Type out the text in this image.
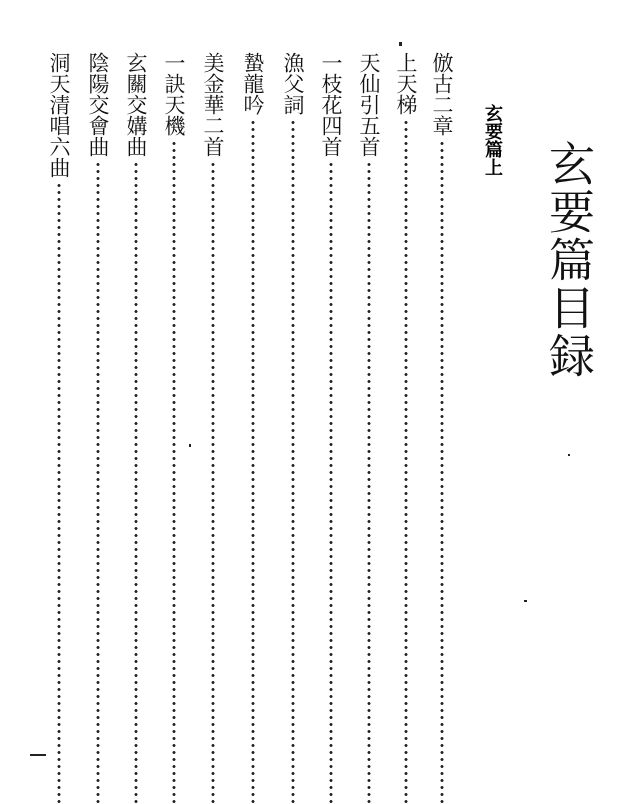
玄要篇目録
玄要篇上
倣古二章
上天梯
天仙引五首
一枝花四首
漁父詞
蟄龍吟
美金華二首
一訣天機
玄關交媾曲
陰陽交會曲
洞天清唱六曲
